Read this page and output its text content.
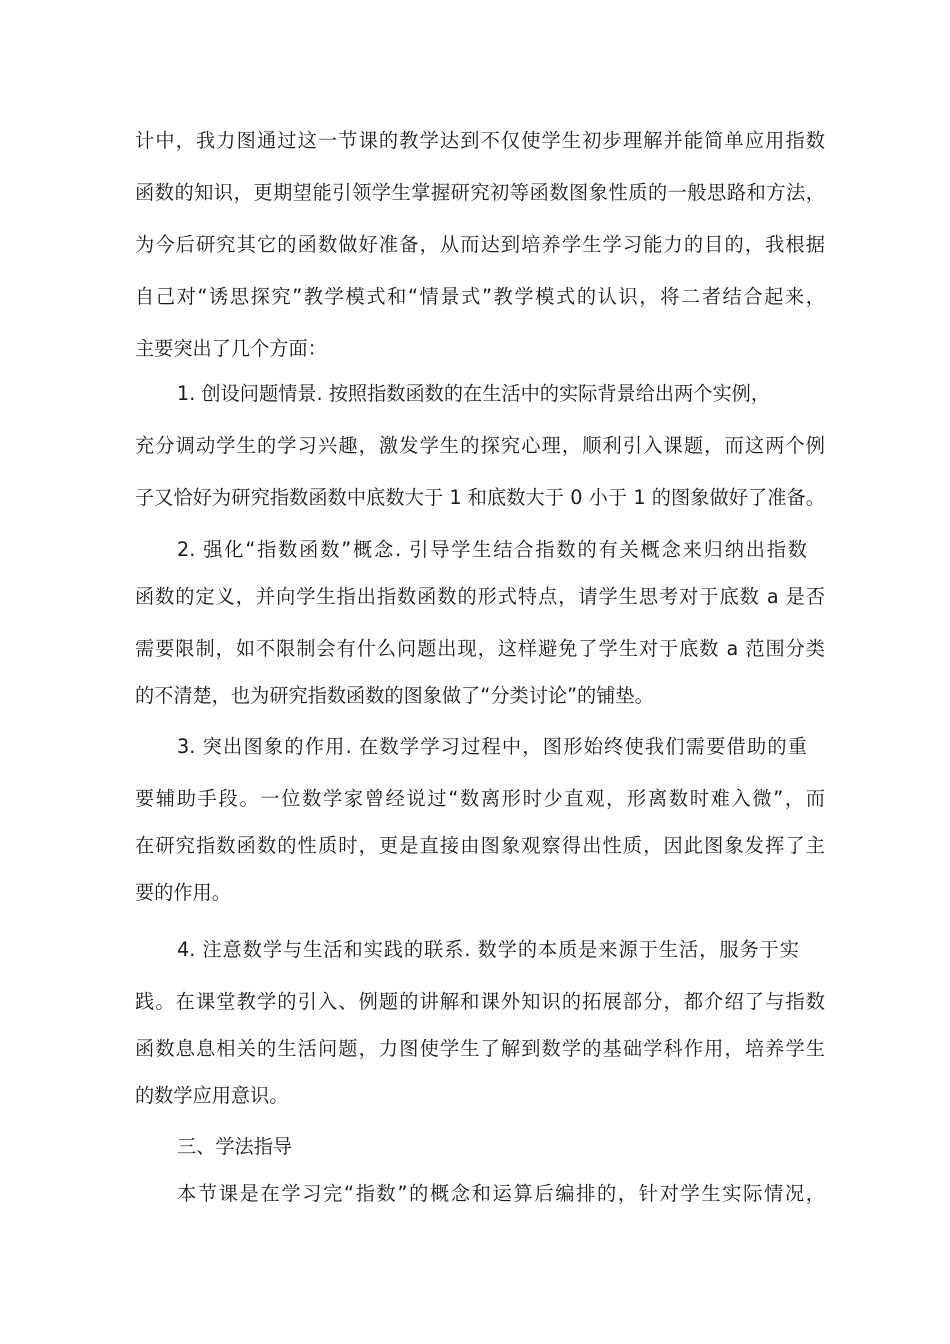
计中，我力图通过这一节课的教学达到不仅使学生初步理解并能简单应用指数
函数的知识，更期望能引领学生掌握研究初等函数图象性质的一般思路和方法，
为今后研究其它的函数做好准备，从而达到培养学生学习能力的目的，我根据
自己对“诱思探究”教学模式和“情景式”教学模式的认识，将二者结合起来，
主要突出了几个方面：
1. 创设问题情景. 按照指数函数的在生活中的实际背景给出两个实例，
充分调动学生的学习兴趣，激发学生的探究心理，顺利引入课题，而这两个例
子又恰好为研究指数函数中底数大于 1 和底数大于 0 小于 1 的图象做好了准备。
2. 强化“指数函数”概念. 引导学生结合指数的有关概念来归纳出指数
函数的定义，并向学生指出指数函数的形式特点，请学生思考对于底数 a 是否
需要限制，如不限制会有什么问题出现，这样避免了学生对于底数 a 范围分类
的不清楚，也为研究指数函数的图象做了“分类讨论”的铺垫。
3. 突出图象的作用. 在数学学习过程中，图形始终使我们需要借助的重
要辅助手段。一位数学家曾经说过“数离形时少直观，形离数时难入微”，而
在研究指数函数的性质时，更是直接由图象观察得出性质，因此图象发挥了主
要的作用。
4. 注意数学与生活和实践的联系. 数学的本质是来源于生活，服务于实
践。在课堂教学的引入、例题的讲解和课外知识的拓展部分，都介绍了与指数
函数息息相关的生活问题，力图使学生了解到数学的基础学科作用，培养学生
的数学应用意识。
三、学法指导
本节课是在学习完“指数”的概念和运算后编排的，针对学生实际情况，
